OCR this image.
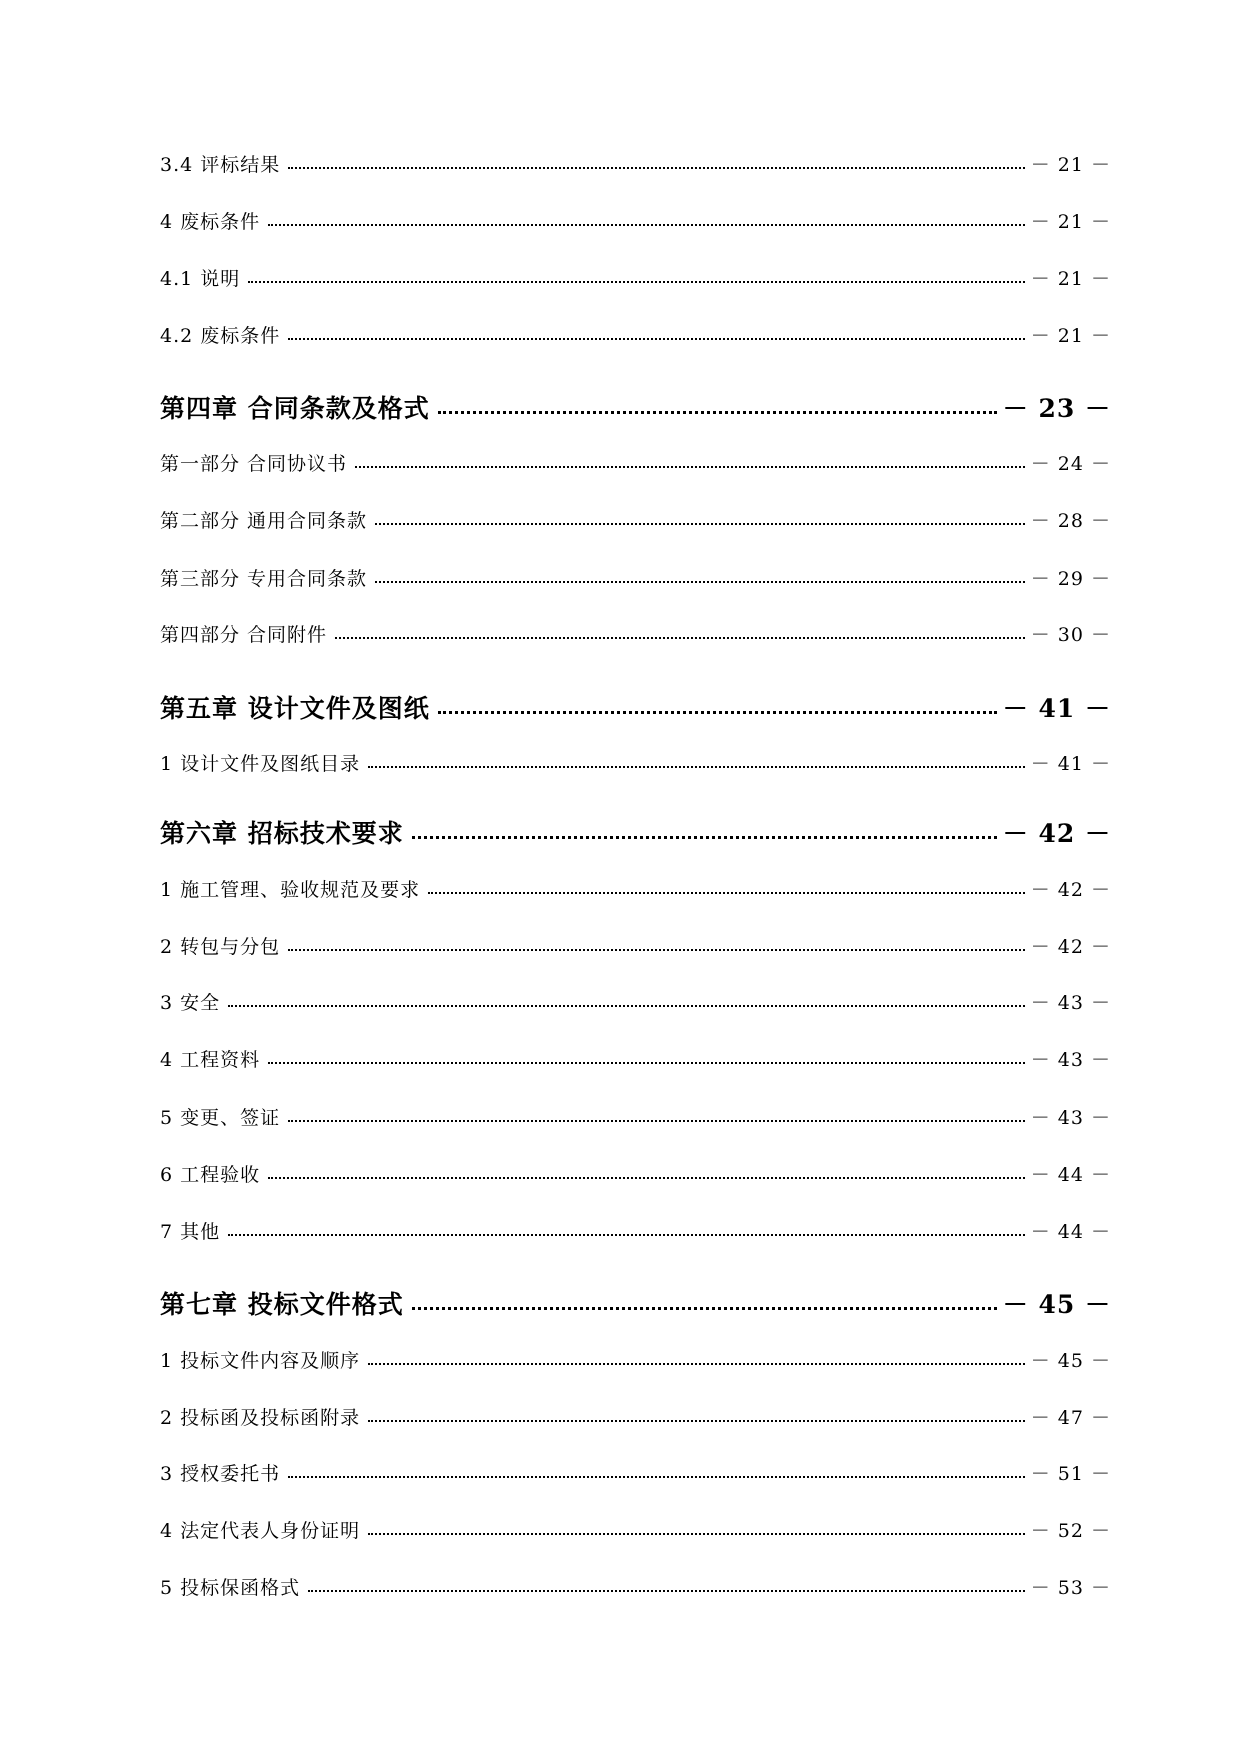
3.4 评标结果	－ 21 －
4 废标条件	－ 21 －
4.1 说明	－ 21 －
4.2 废标条件	－ 21 －
第四章 合同条款及格式	－ 23 －
第一部分 合同协议书	－ 24 －
第二部分 通用合同条款	－ 28 －
第三部分 专用合同条款	－ 29 －
第四部分 合同附件	－ 30 －
第五章 设计文件及图纸	－ 41 －
1 设计文件及图纸目录	－ 41 －
第六章 招标技术要求	－ 42 －
1 施工管理、验收规范及要求	－ 42 －
2 转包与分包	－ 42 －
3 安全	－ 43 －
4 工程资料	－ 43 －
5 变更、签证	－ 43 －
6 工程验收	－ 44 －
7 其他	－ 44 －
第七章 投标文件格式	－ 45 －
1 投标文件内容及顺序	－ 45 －
2 投标函及投标函附录	－ 47 －
3 授权委托书	－ 51 －
4 法定代表人身份证明	－ 52 －
5 投标保函格式	－ 53 －
